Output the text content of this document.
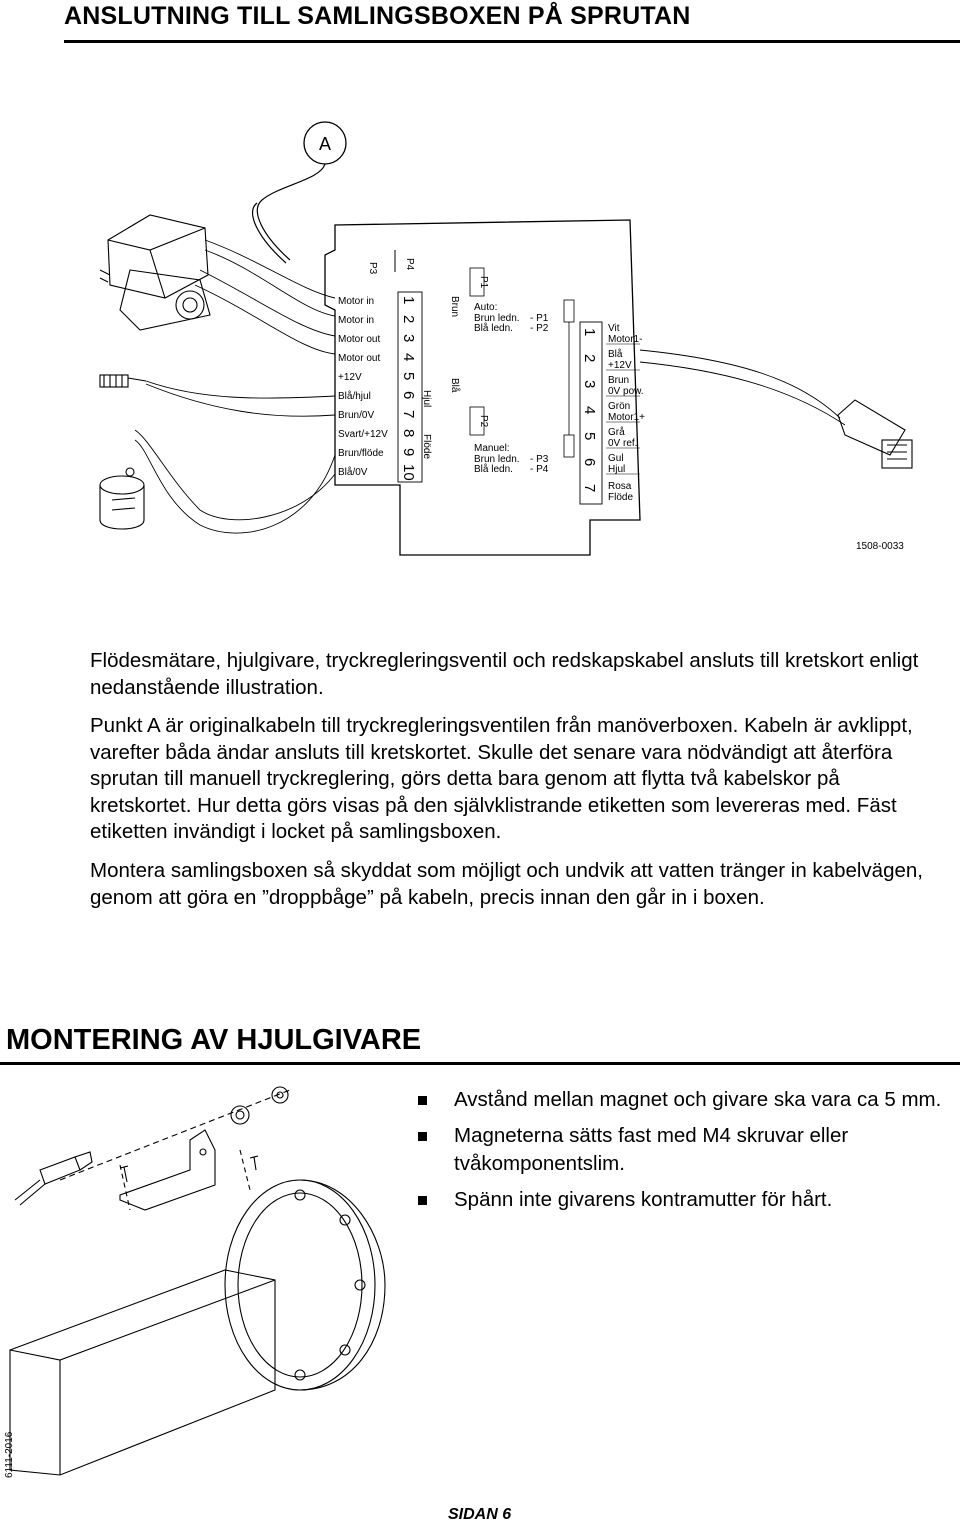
ANSLUTNING TILL SAMLINGSBOXEN PÅ SPRUTAN
A
P3	P4
P1
P2
Motor in
Motor in
Motor out
Motor out
+12V
Blå/hjul
Brun/0V
Svart/+12V
Brun/flöde
Blå/0V
1
2
3
4
5
6
7
8
9
10
Hjul
Flöde
Brun
Blå
Auto:
Brun ledn. - P1
Blå ledn. - P2
Manuel:
Brun ledn. - P3
Blå ledn. - P4
1
2
3
4
5
6
7
Vit
Motor1-
Blå
+12V
Brun
0V pow.
Grön
Motor1+
Grå
0V ref.
Gul
Hjul
Rosa
Flöde
1508-0033
Flödesmätare, hjulgivare, tryckregleringsventil och redskapskabel ansluts till kretskort enligt nedanstående illustration.
Punkt A är originalkabeln till tryckregleringsventilen från manöverboxen. Kabeln är avklippt, varefter båda ändar ansluts till kretskortet. Skulle det senare vara nödvändigt att återföra sprutan till manuell tryckreglering, görs detta bara genom att flytta två kabelskor på kretskortet. Hur detta görs visas på den självklistrande etiketten som levereras med. Fäst etiketten invändigt i locket på samlingsboxen.
Montera samlingsboxen så skyddat som möjligt och undvik att vatten tränger in kabelvägen, genom att göra en ”droppbåge” på kabeln, precis innan den går in i boxen.
MONTERING AV HJULGIVARE
Avstånd mellan magnet och givare ska vara ca 5 mm.
Magneterna sätts fast med M4 skruvar eller tvåkomponentslim.
Spänn inte givarens kontramutter för hårt.
6111-2016
SIDAN 6
